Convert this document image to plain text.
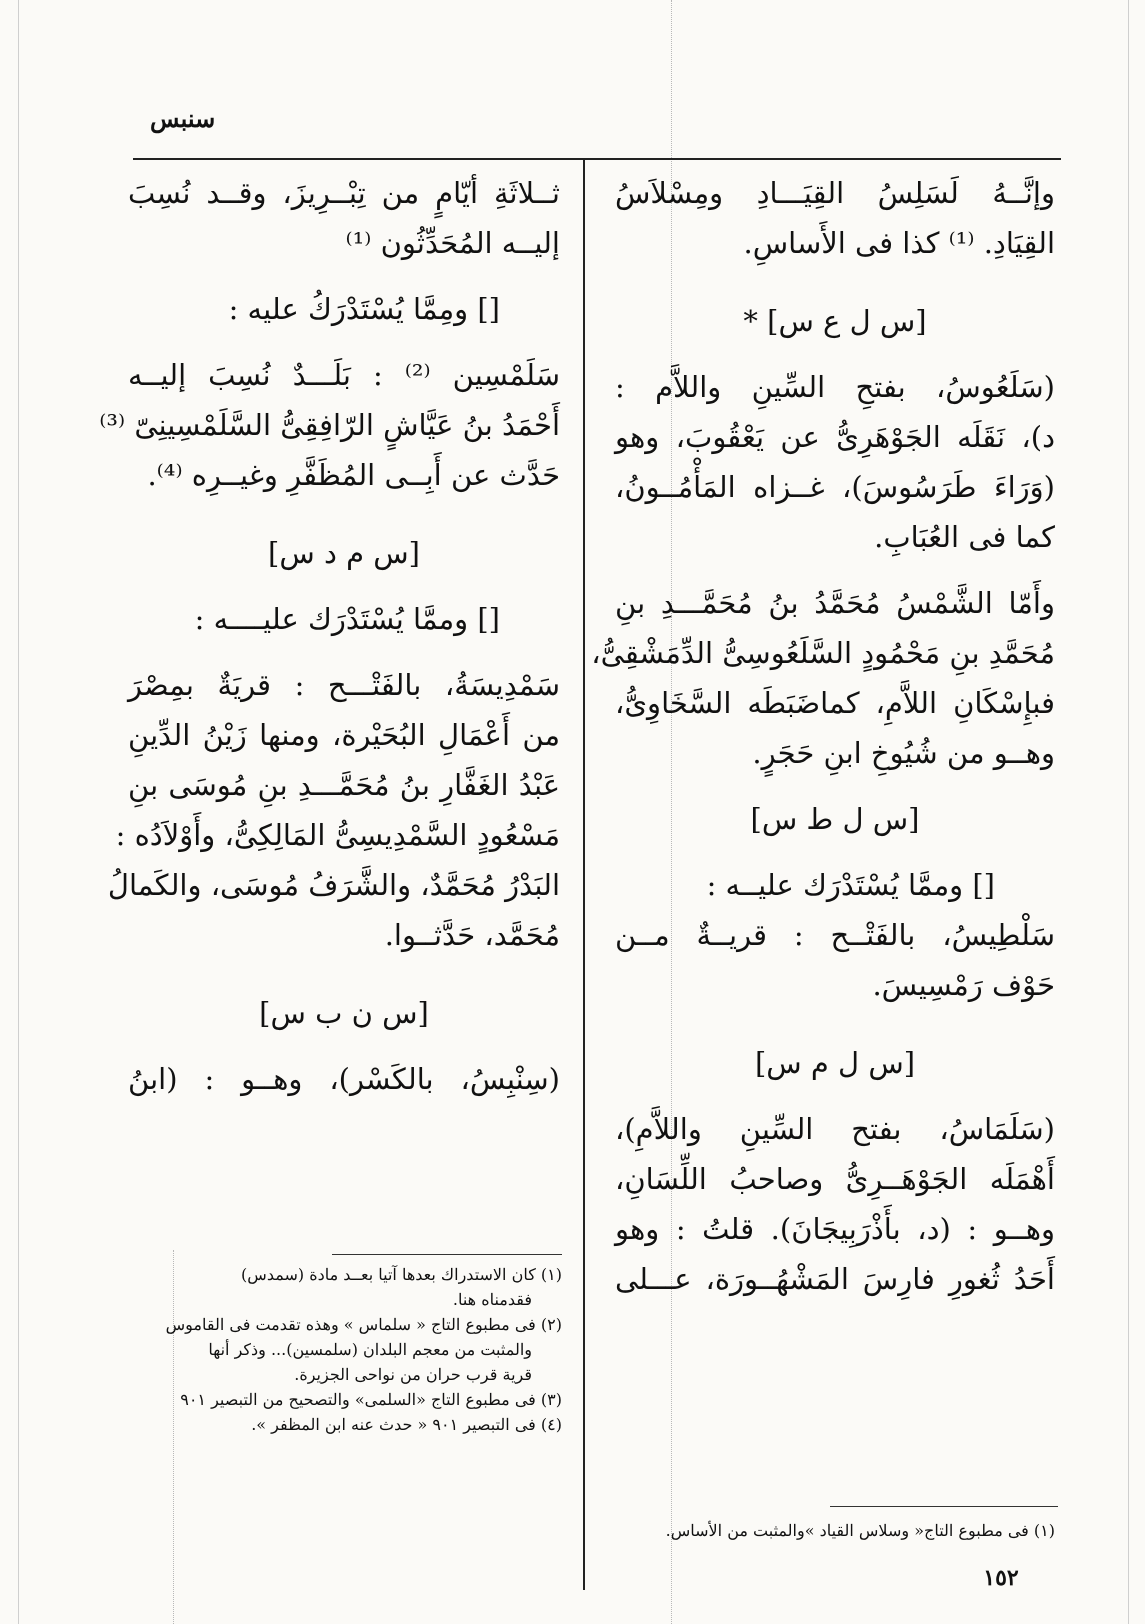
سنبس
وإنَّــهُ لَسَلِسُ القِيَـــادِ ومِسْلاَسُ
القِيَادِ. ⁽¹⁾ كذا فى الأَساسِ.
[س ل ع س] *
(سَلَعُوسُ، بفتحِ السِّينِ واللاَّم :
د)، نَقَلَه الجَوْهَرِىُّ عن يَعْقُوبَ، وهو
(وَرَاءَ طَرَسُوسَ)، غــزاه المَأْمُــونُ،
كما فى العُبَابِ.
وأَمّا الشَّمْسُ مُحَمَّدُ بنُ مُحَمَّـــدِ بنِ
مُحَمَّدِ بنِ مَحْمُودٍ السَّلَعُوسِىُّ الدِّمَشْقِىُّ،
فبإِسْكَانِ اللاَّمِ، كماضَبَطَه السَّخَاوِىُّ،
وهــو من شُيُوخِ ابنِ حَجَرٍ.
[س ل ط س]
[] وممَّا يُسْتَدْرَك عليــه :
سَلْطِيسُ، بالفَتْــح : قريــةٌ مــن
حَوْف رَمْسِيسَ.
[س ل م س]
(سَلَمَاسُ، بفتح السِّينِ واللاَّمِ)،
أَهْمَلَه الجَوْهَــرِىُّ وصاحبُ اللِّسَانِ،
وهــو : (د، بأَذْرَبِيجَانَ). قلتُ : وهو
أَحَدُ ثُغورِ فارِسَ المَشْهُــورَة، عـــلى
ثــلاثَةِ أيّامٍ من تِبْــرِيزَ، وقــد نُسِبَ
إليــه المُحَدِّثُون ⁽¹⁾
[] ومِمَّا يُسْتَدْرَكُ عليه :
سَلَمْسِين ⁽²⁾ : بَلَـــدٌ نُسِبَ إليــه
أَحْمَدُ بنُ عَيَّاشٍ الرّافِقِىُّ السَّلَمْسِينِىّ ⁽³⁾
حَدَّث عن أَبِــى المُظَفَّرِ وغيــرِه ⁽⁴⁾.
[س م د س]
[] وممَّا يُسْتَدْرَك عليــــه :
سَمْدِيسَةُ، بالفَتْـــح : قريَةٌ بمِصْرَ
من أَعْمَالِ البُحَيْرة، ومنها زَيْنُ الدِّينِ
عَبْدُ الغَفَّارِ بنُ مُحَمَّـــدِ بنِ مُوسَى بنِ
مَسْعُودٍ السَّمْدِيسِىُّ المَالِكِىُّ، وأَوْلاَدُه :
البَدْرُ مُحَمَّدٌ، والشَّرَفُ مُوسَى، والكَمالُ
مُحَمَّد، حَدَّثــوا.
[س ن ب س]
(سِنْبِسُ، بالكَسْر)، وهــو : (ابنُ
(١) كان الاستدراك بعدها آتيا بعــد مادة (سمدس)
فقدمناه هنا.
(٢) فى مطبوع التاج « سلماس » وهذه تقدمت فى القاموس
والمثبت من معجم البلدان (سلمسين)... وذكر أنها
قرية قرب حران من نواحى الجزيرة.
(٣) فى مطبوع التاج «السلمى» والتصحيح من التبصير ٩٠١
(٤) فى التبصير ٩٠١ « حدث عنه ابن المظفر ».
(١) فى مطبوع التاج« وسلاس القياد »والمثبت من الأساس.
١٥٢
